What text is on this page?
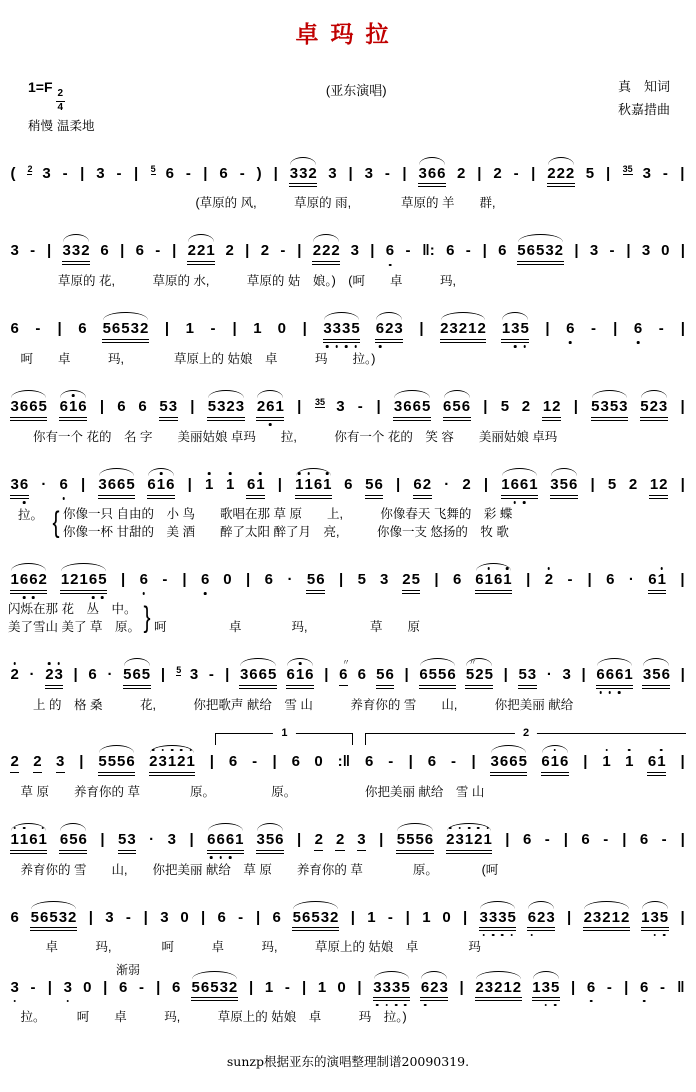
卓玛拉
1=F
$\frac{2}{4}$
稍慢 温柔地
(亚东演唱)	真　知词
秋嘉措曲
( 2 3 - | 3 - | 5 6 - | 6 - ) | 332 3 | 3 - | 366 2 | 2 - | 222 5 | 35 3 - |
　　　　　　　　　　　　　　　(草原的 风,　　　草原的 雨,　　　　草原的 羊　　群,
3 - | 332 6 | 6 - | 221 2 | 2 - | 222 3 | 6 - ‖: 6 - | 6 56532 | 3 - | 3 0 |
　　　　草原的 花,　　　草原的 水,　　　草原的 姑　娘。)　(呵　　卓　　　玛,
6 - | 6 56532 | 1 - | 1 0 | 3335 623 | 23212 135 | 6 - | 6 - |
　呵　　卓　　　玛,　　　　草原上的 姑娘　卓　　　玛　　拉。)
3665 616 | 6 6 53 | 5323 261 | 35 3 - | 3665 656 | 5 2 12 | 5353 523 |
　　你有一个 花的　名 字　　美丽姑娘 卓玛　　拉,　　　你有一个 花的　笑 容　　美丽姑娘 卓玛
36 · 6 | 3665 616 | 1 1 61 | 1161 6 56 | 62 · 2 | 1661 356 | 5 2 12 |
拉。 { 你像一只 自由的　小 鸟　　歌唱在那 草 原　　上,　　　你像春天 飞舞的　彩 蝶
你像一杯 甘甜的　美 酒　　醉了太阳 醉了月　亮,　　　你像一支 悠扬的　牧 歌
1662 12165 | 6 - | 6 0 | 6 · 56 | 5 3 25 | 6 6161 | 2 - | 6 · 61 |
闪烁在那 花　丛　中。
美了雪山 美了 草　原。 } 呵　　　　　卓　　　　玛,　　　　　草　　原
2 · 23 | 6 · 565 | 5 3 - | 3665 616 | 〃 6 6 56 | 6556 〃 525 | 53 · 3 | 6661 356 |
　　上 的　格 桑　　　花,　　　你把歌声 献给　雪 山　　　养育你的 雪　　山,　　　你把美丽 献给
1	2
2 2 3 | 5556 23121 | 6 - | 6 0 :‖ 6 - | 6 - | 3665 616 | 1 1 61 |
　草 原　　养育你的 草　　　　原。　　　　　原。　　　　　　你把美丽 献给　雪 山
1161 656 | 53 · 3 | 6661 356 | 2 2 3 | 5556 23121 | 6 - | 6 - | 6 - |
　养育你的 雪　　山,　　你把美丽 献给　草 原　　养育你的 草　　　　原。　　　　(呵
6 56532 | 3 - | 3 0 | 6 - | 6 56532 | 1 - | 1 0 | 3335 623 | 23212 135 |
　　　卓　　　玛,　　　　呵　　　卓　　　玛,　　　草原上的 姑娘　卓　　　　玛
渐弱
3 - | 3 0 | 6 - | 6 56532 | 1 - | 1 0 | 3335 623 | 23212 135 | 6 - | 6 - ‖
　拉。　　　呵　　卓　　　玛,　　　草原上的 姑娘　卓　　　玛　拉。)
sunzp根据亚东的演唱整理制谱20090319.
